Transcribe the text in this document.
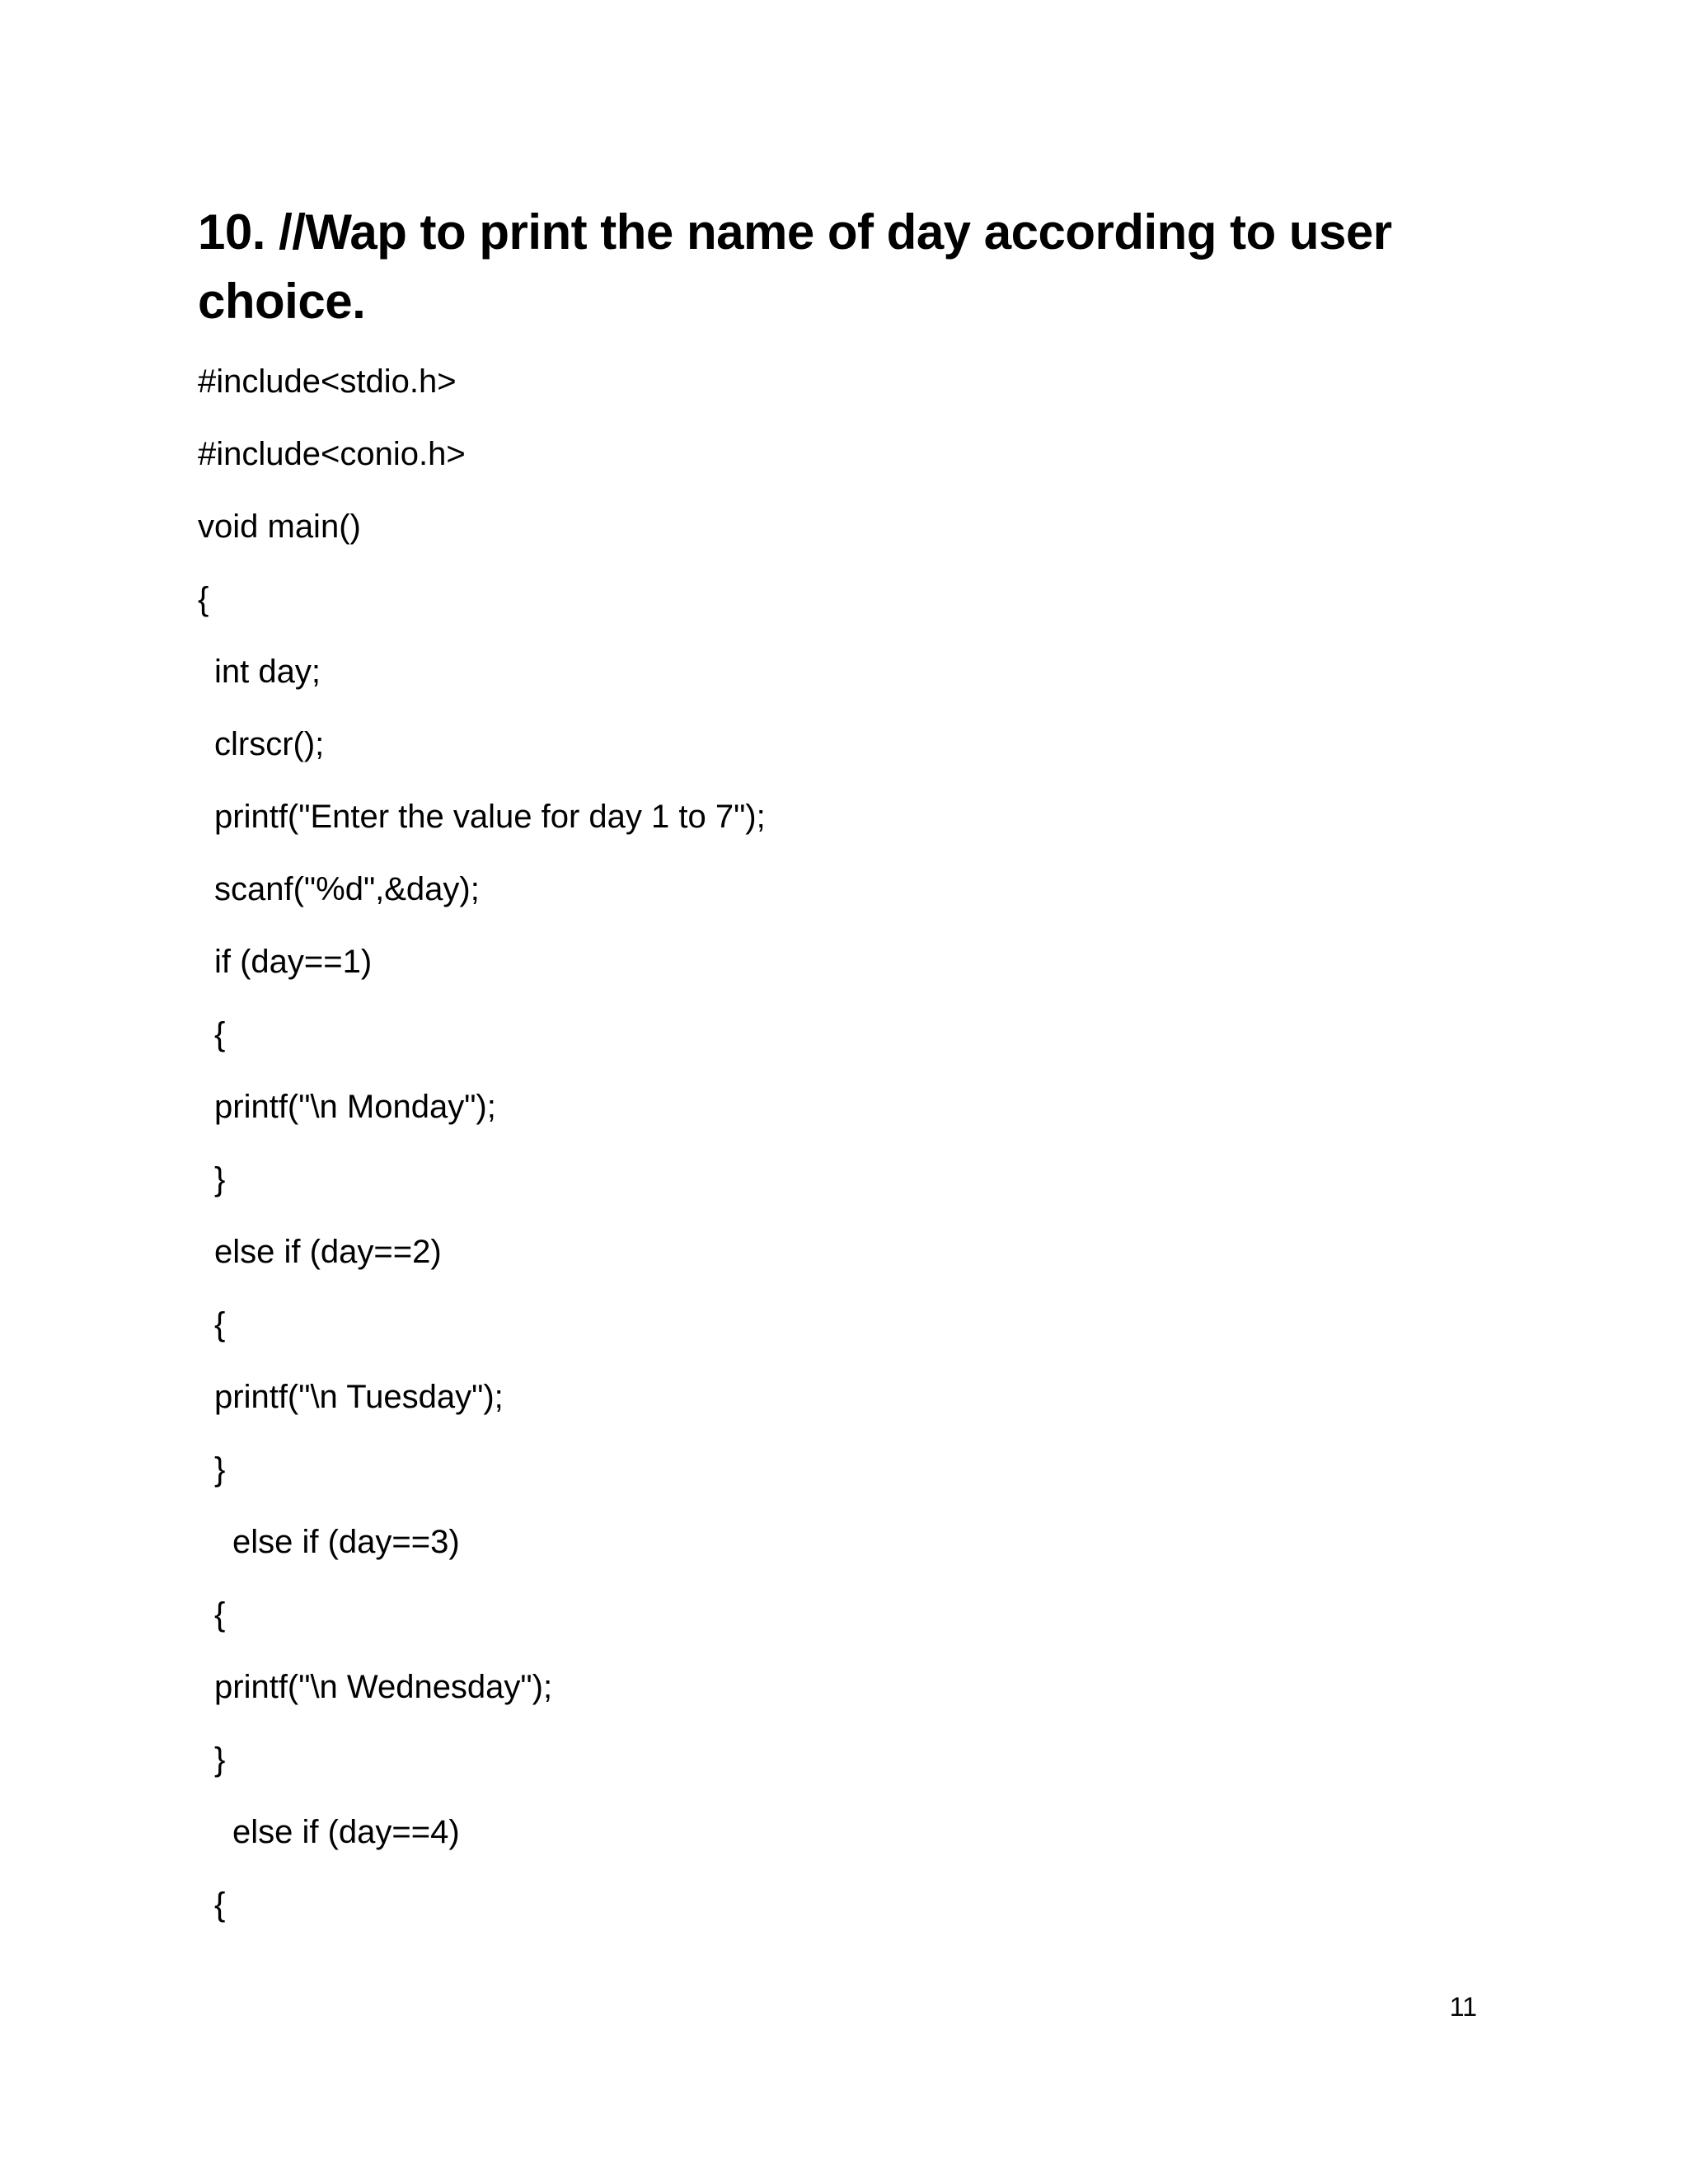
10. //Wap to print the name of day according to user choice.
#include<stdio.h>
#include<conio.h>
void main()
{
int day;
clrscr();
printf("Enter the value for day 1 to 7");
scanf("%d",&day);
if (day==1)
{
printf("\n Monday");
}
else if (day==2)
{
printf("\n Tuesday");
}
else if (day==3)
{
printf("\n Wednesday");
}
else if (day==4)
{
11
